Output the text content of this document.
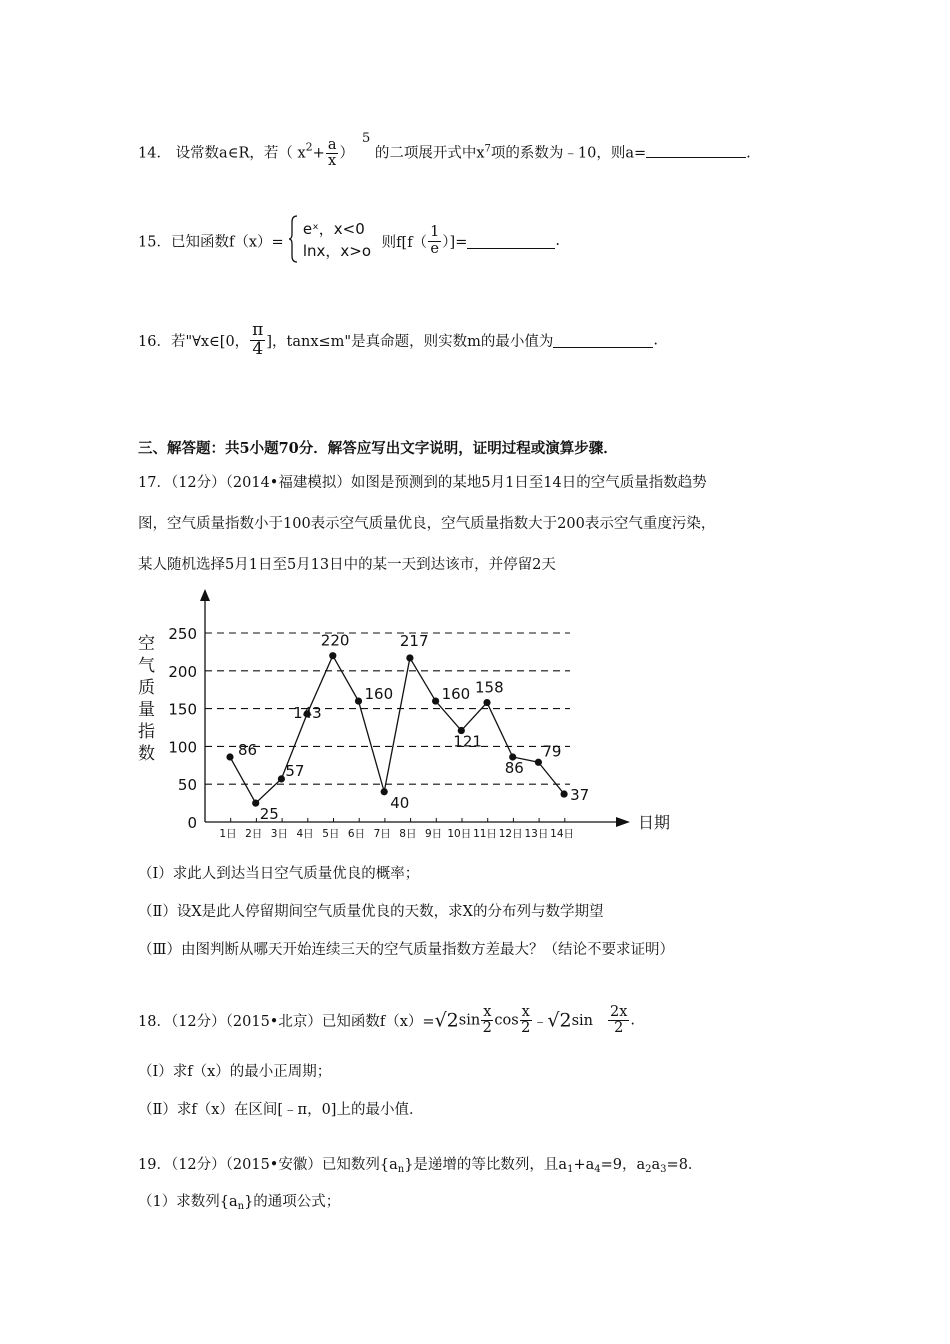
14． 设常数a∈R，若（ $x^2+ \frac{a}{x} )5$ 的二项展开式中$x^7$项的系数为﹣10，则a=	.
15．已知函数f（x）=
eˣ，x<0
lnx，x>o 则$f[f( \frac{1}{e}$ ）]=	.
16．若"∀x∈[0， $\frac{\pi}{4}$ ]，tanx≤m"是真命题，则实数m的最小值为	.
三、解答题：共5小题70分．解答应写出文字说明，证明过程或演算步骤．
17．（12分）（2014•福建模拟）如图是预测到的某地5月1日至14日的空气质量指数趋势
图，空气质量指数小于100表示空气质量优良，空气质量指数大于200表示空气重度污染，
某人随机选择5月1日至5月13日中的某一天到达该市，并停留2天
0
50
100
150
200
250
1日 2日 3日 4日 5日 6日 7日 8日 9日 10日 11日 12日 13日 14日
86
25
57
143
220
160
40
217
160
121
158
86
79
37
空
气
质
量
指
数
日期
（Ⅰ）求此人到达当日空气质量优良的概率；
（Ⅱ）设X是此人停留期间空气质量优良的天数，求X的分布列与数学期望
（Ⅲ）由图判断从哪天开始连续三天的空气质量指数方差最大？（结论不要求证明）
18．（12分）（2015•北京）已知函数$f(x)=√2\sin \frac{x}{2}$ $\cos \frac{x}{2}$ ﹣√2sin $\frac{2x}{2}$ .
（Ⅰ）求f（x）的最小正周期；
（Ⅱ）求f（x）在区间[﹣π，0]上的最小值．
19．（12分）（2015•安徽）已知数列$\{a_n\}$是递增的等比数列，且$a_1+a_4=9$，$a_2a_3=8$．
（1）求数列$\{a_n\}$的通项公式；
